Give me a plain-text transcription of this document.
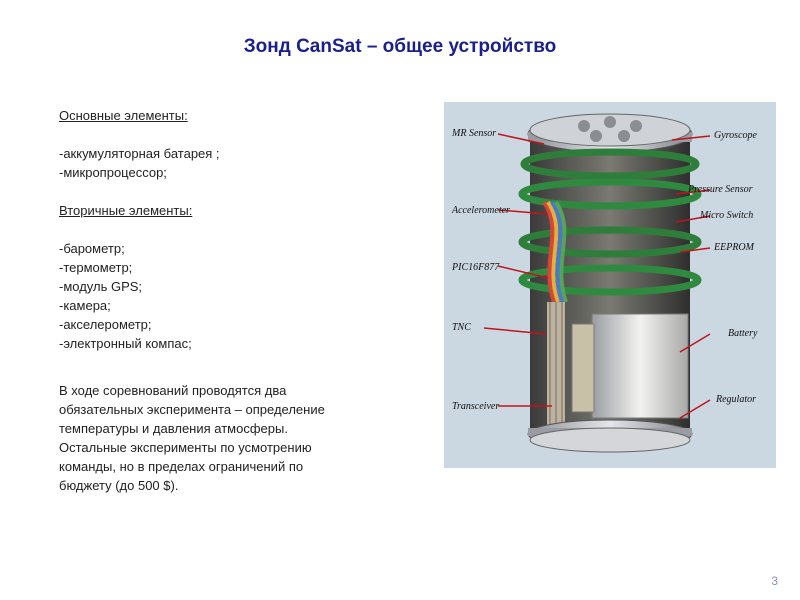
Зонд CanSat – общее устройство
Основные элементы:
-аккумуляторная батарея ;
-микропроцессор;
Вторичные элементы:
-барометр;
-термометр;
-модуль GPS;
-камера;
-акселерометр;
-электронный компас;
В ходе соревнований проводятся два обязательных эксперимента – определение температуры и давления атмосферы. Остальные эксперименты по усмотрению команды, но в пределах ограничений по бюджету (до 500 $).
MR Sensor
Accelerometer
PIC16F877
TNC
Transceiver
Gyroscope
Pressure Sensor
Micro Switch
EEPROM
Battery
Regulator
3
